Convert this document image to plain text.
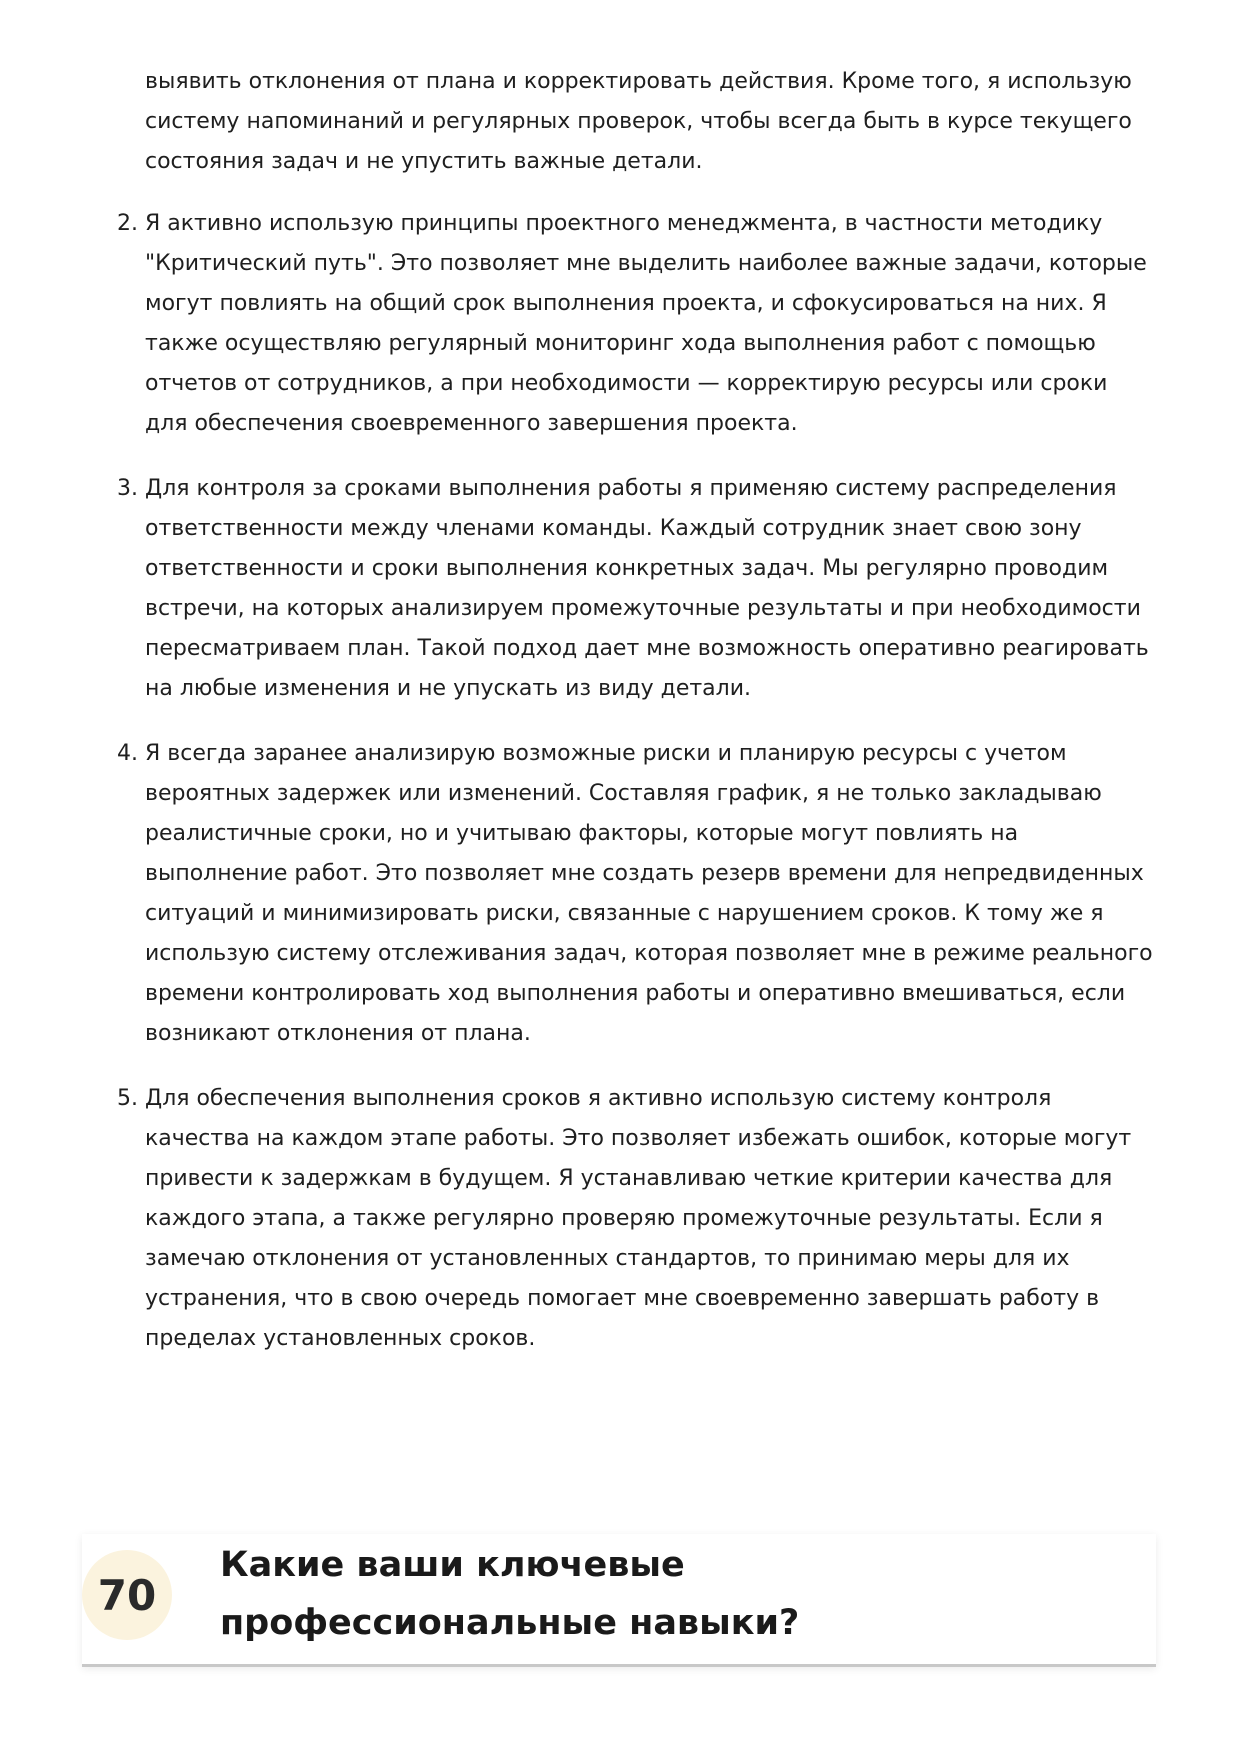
выявить отклонения от плана и корректировать действия. Кроме того, я использую систему напоминаний и регулярных проверок, чтобы всегда быть в курсе текущего состояния задач и не упустить важные детали.

2. Я активно использую принципы проектного менеджмента, в частности методику "Критический путь". Это позволяет мне выделить наиболее важные задачи, которые могут повлиять на общий срок выполнения проекта, и сфокусироваться на них. Я также осуществляю регулярный мониторинг хода выполнения работ с помощью отчетов от сотрудников, а при необходимости — корректирую ресурсы или сроки для обеспечения своевременного завершения проекта.
3. Для контроля за сроками выполнения работы я применяю систему распределения ответственности между членами команды. Каждый сотрудник знает свою зону ответственности и сроки выполнения конкретных задач. Мы регулярно проводим встречи, на которых анализируем промежуточные результаты и при необходимости пересматриваем план. Такой подход дает мне возможность оперативно реагировать на любые изменения и не упускать из виду детали.
4. Я всегда заранее анализирую возможные риски и планирую ресурсы с учетом вероятных задержек или изменений. Составляя график, я не только закладываю реалистичные сроки, но и учитываю факторы, которые могут повлиять на выполнение работ. Это позволяет мне создать резерв времени для непредвиденных ситуаций и минимизировать риски, связанные с нарушением сроков. К тому же я использую систему отслеживания задач, которая позволяет мне в режиме реального времени контролировать ход выполнения работы и оперативно вмешиваться, если возникают отклонения от плана.
5. Для обеспечения выполнения сроков я активно использую систему контроля качества на каждом этапе работы. Это позволяет избежать ошибок, которые могут привести к задержкам в будущем. Я устанавливаю четкие критерии качества для каждого этапа, а также регулярно проверяю промежуточные результаты. Если я замечаю отклонения от установленных стандартов, то принимаю меры для их устранения, что в свою очередь помогает мне своевременно завершать работу в пределах установленных сроков.
70
Какие ваши ключевые профессиональные навыки?
